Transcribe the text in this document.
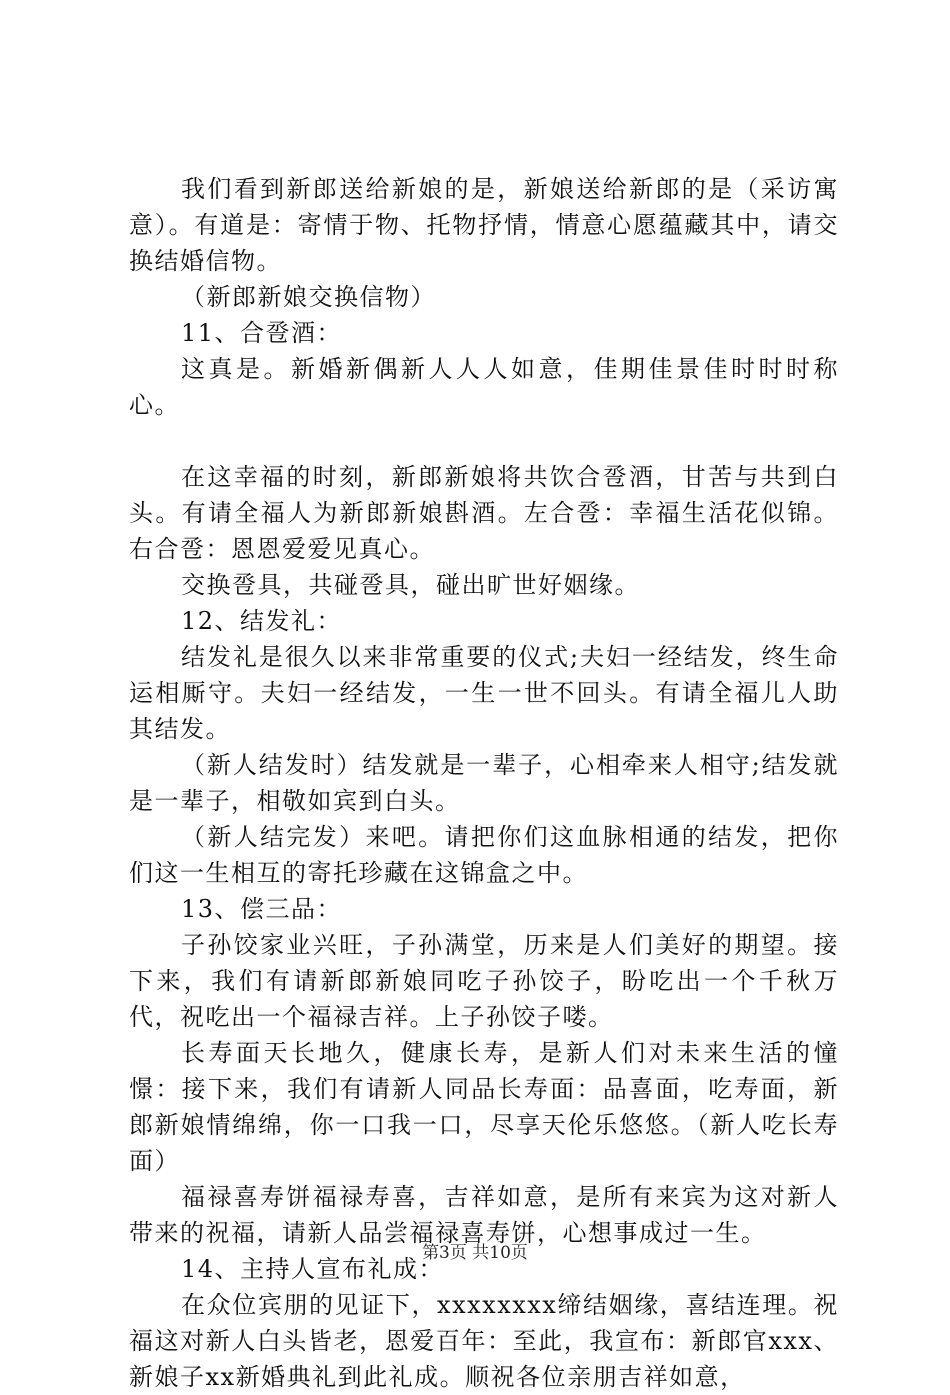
我们看到新郎送给新娘的是，新娘送给新郎的是（采访寓意）。有道是：寄情于物、托物抒情，情意心愿蕴藏其中，请交换结婚信物。

（新郎新娘交换信物）

11、合卺酒：

这真是。新婚新偶新人人人如意，佳期佳景佳时时时称心。

在这幸福的时刻，新郎新娘将共饮合卺酒，甘苦与共到白头。有请全福人为新郎新娘斟酒。左合卺：幸福生活花似锦。右合卺：恩恩爱爱见真心。

交换卺具，共碰卺具，碰出旷世好姻缘。

12、结发礼：

结发礼是很久以来非常重要的仪式;夫妇一经结发，终生命运相厮守。夫妇一经结发，一生一世不回头。有请全福儿人助其结发。

（新人结发时）结发就是一辈子，心相牵来人相守;结发就是一辈子，相敬如宾到白头。

（新人结完发）来吧。请把你们这血脉相通的结发，把你们这一生相互的寄托珍藏在这锦盒之中。

13、偿三品：

子孙饺家业兴旺，子孙满堂，历来是人们美好的期望。接下来，我们有请新郎新娘同吃子孙饺子，盼吃出一个千秋万代，祝吃出一个福禄吉祥。上子孙饺子喽。

长寿面天长地久，健康长寿，是新人们对未来生活的憧憬：接下来，我们有请新人同品长寿面：品喜面，吃寿面，新郎新娘情绵绵，你一口我一口，尽享天伦乐悠悠。（新人吃长寿面）

福禄喜寿饼福禄寿喜，吉祥如意，是所有来宾为这对新人带来的祝福，请新人品尝福禄喜寿饼，心想事成过一生。

14、主持人宣布礼成：

在众位宾朋的见证下，xxxxxxxx缔结姻缘，喜结连理。祝福这对新人白头皆老，恩爱百年：至此，我宣布：新郎官xxx、新娘子xx新婚典礼到此礼成。顺祝各位亲朋吉祥如意，

第3页 共10页
